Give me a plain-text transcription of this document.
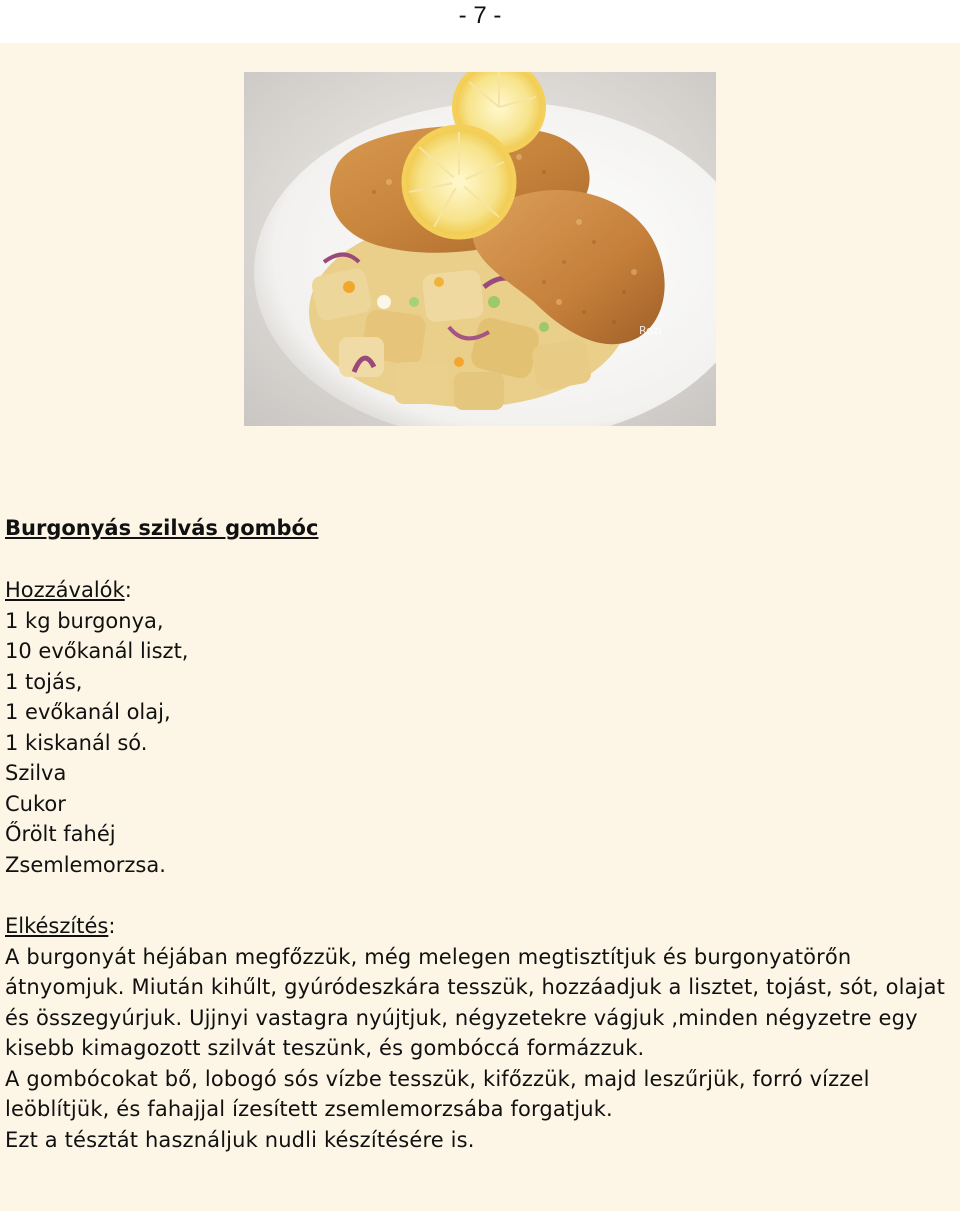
- 7 -
Rozi
Burgonyás szilvás gombóc
Hozzávalók:
1 kg burgonya,
10 evőkanál liszt,
1 tojás,
1 evőkanál olaj,
1 kiskanál só.
Szilva
Cukor
Őrölt fahéj
Zsemlemorzsa.
Elkészítés:

A burgonyát héjában megfőzzük, még melegen megtisztítjuk és burgonyatörőn átnyomjuk. Miután kihűlt, gyúródeszkára tesszük, hozzáadjuk a lisztet, tojást, sót, olajat és összegyúrjuk. Ujjnyi vastagra nyújtjuk, négyzetekre vágjuk ,minden négyzetre egy kisebb kimagozott szilvát teszünk, és gombóccá formázzuk.

A gombócokat bő, lobogó sós vízbe tesszük, kifőzzük, majd leszűrjük, forró vízzel leöblítjük, és fahajjal ízesített zsemlemorzsába forgatjuk.

Ezt a tésztát használjuk nudli készítésére is.
